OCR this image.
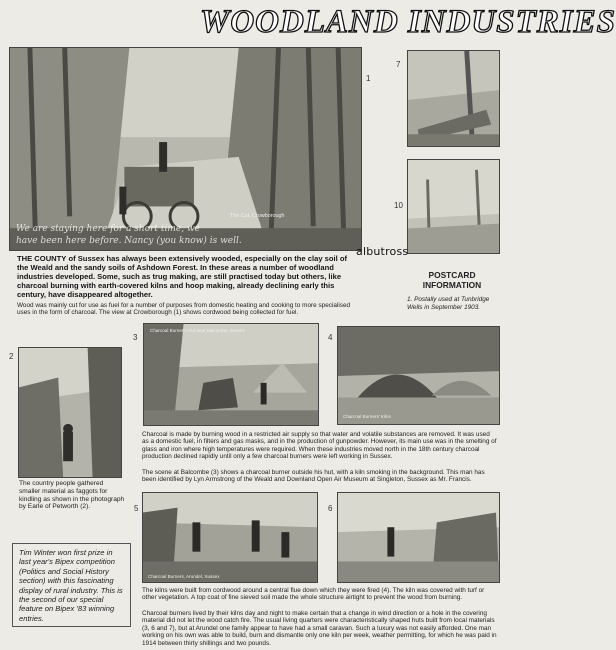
WOODLAND INDUSTRIES
We are staying here for a short time, we
have been here before. Nancy (you know) is well.
The Cut, Crowborough
1
7
10
albutross
THE COUNTY of Sussex has always been extensively wooded, especially on the clay soil of the Weald and the sandy soils of Ashdown Forest. In these areas a number of woodland industries developed. Some, such as trug making, are still practised today but others, like charcoal burning with earth-covered kilns and hoop making, already declining early this century, have disappeared altogether.
Wood was mainly cut for use as fuel for a number of purposes from domestic heating and cooking to more specialised uses in the form of charcoal. The view at Crowborough (1) shows cordwood being collected for fuel.
POSTCARD
INFORMATION
1. Postally used at Tunbridge Wells in September 1903.
2
The country people gathered smaller material as faggots for kindling as shown in the photograph by Earle of Petworth (2).
Charcoal Burner's Hut near Balcombe, Sussex
3
Charcoal Burners' Kilns
4
Charcoal is made by burning wood in a restricted air supply so that water and volatile substances are removed. It was used as a domestic fuel, in filters and gas masks, and in the production of gunpowder. However, its main use was in the smelting of glass and iron where high temperatures were required. When these industries moved north in the 18th century charcoal production declined rapidly until only a few charcoal burners were left working in Sussex.
The scene at Balcombe (3) shows a charcoal burner outside his hut, with a kiln smoking in the background. This man has been identified by Lyn Armstrong of the Weald and Downland Open Air Museum at Singleton, Sussex as Mr. Francis.
Tim Winter won first prize in last year's Bipex competition (Politics and Social History section) with this fascinating display of rural industry. This is the second of our special feature on Bipex '83 winning entries.
Charcoal Burners, Arundel, Sussex
5	6
The kilns were built from cordwood around a central flue down which they were fired (4). The kiln was covered with turf or other vegetation. A top coat of fine sieved soil made the whole structure airtight to prevent the wood from burning.
Charcoal burners lived by their kilns day and night to make certain that a change in wind direction or a hole in the covering material did not let the wood catch fire. The usual living quarters were characteristically shaped huts built from local materials (3, 6 and 7), but at Arundel one family appear to have had a small caravan. Such a luxury was not easily afforded. One man working on his own was able to build, burn and dismantle only one kiln per week, weather permitting, for which he was paid in 1914 between thirty shillings and two pounds.
